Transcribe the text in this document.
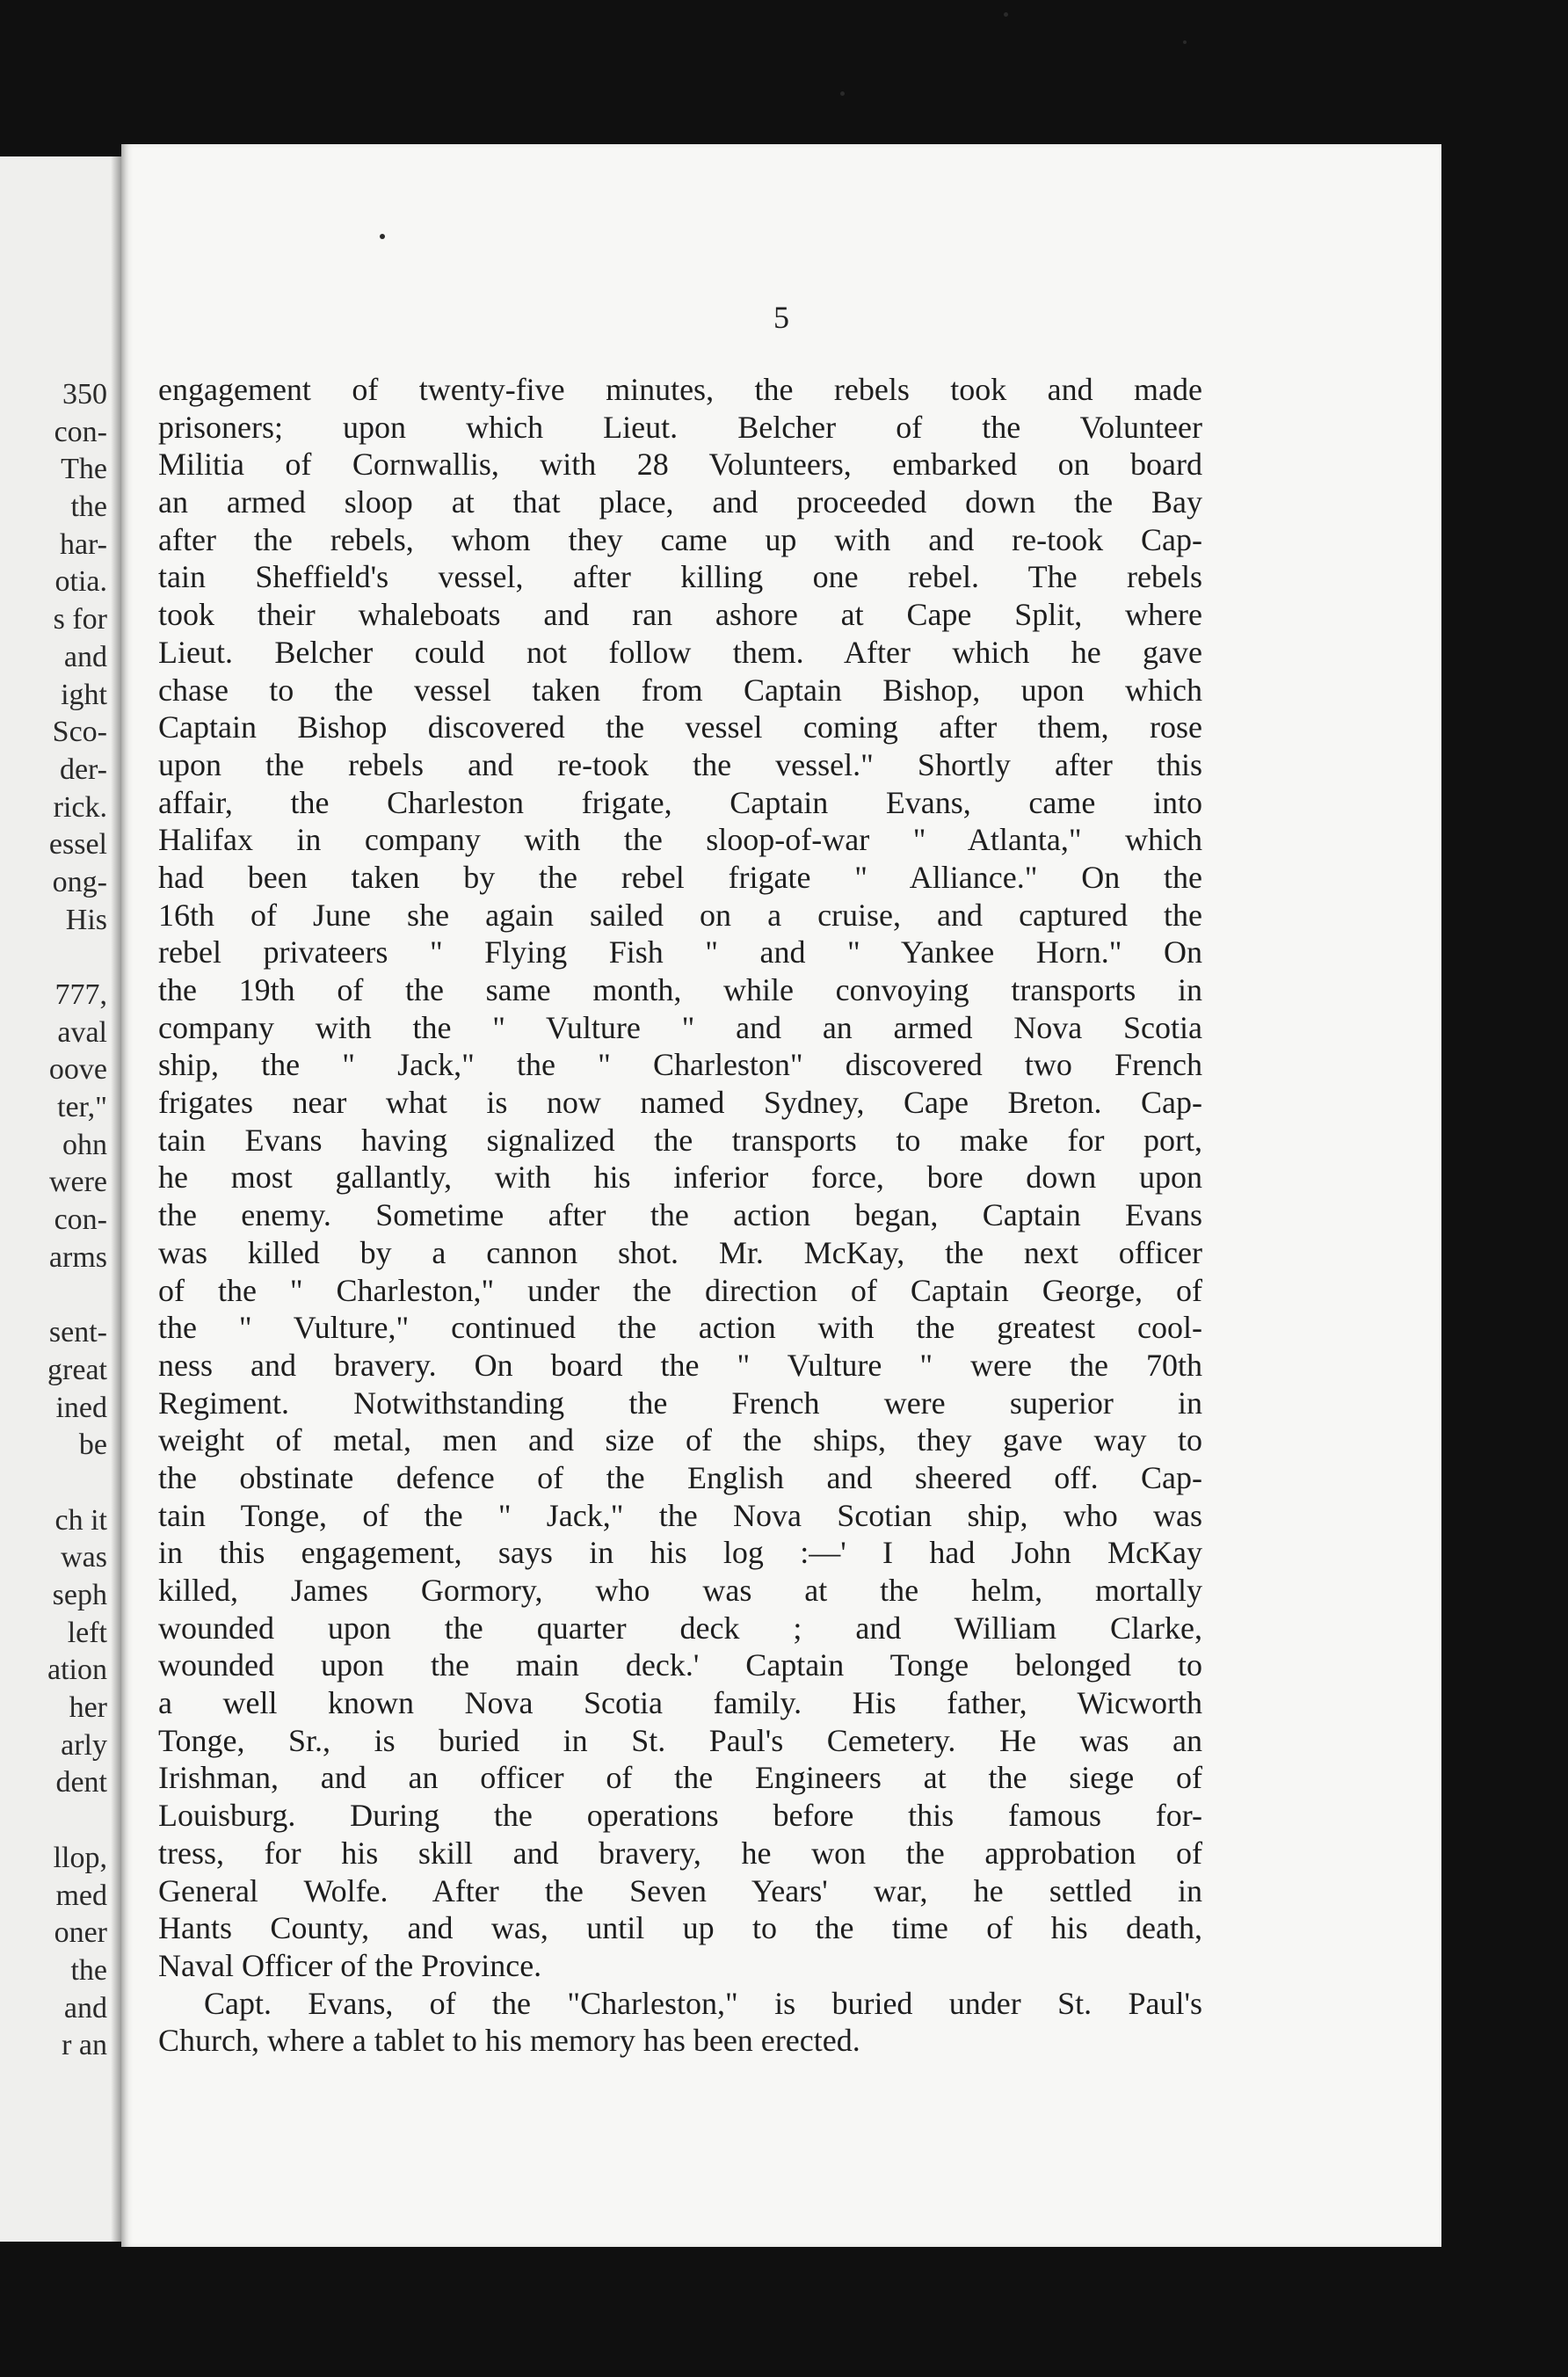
350
con-
The
the
har-
otia.
s for
and
ight
Sco-
der-
rick.
essel
ong-
His
777,
aval
oove
ter,"
ohn
were
con-
arms
sent-
great
ined
be
ch it
was
seph
left
ation
her
arly
dent
llop,
med
oner
the
and
r an
5
engagement of twenty-five minutes, the rebels took and made
prisoners; upon which Lieut. Belcher of the Volunteer
Militia of Cornwallis, with 28 Volunteers, embarked on board
an armed sloop at that place, and proceeded down the Bay
after the rebels, whom they came up with and re-took Cap-
tain Sheffield's vessel, after killing one rebel. The rebels
took their whaleboats and ran ashore at Cape Split, where
Lieut. Belcher could not follow them. After which he gave
chase to the vessel taken from Captain Bishop, upon which
Captain Bishop discovered the vessel coming after them, rose
upon the rebels and re-took the vessel." Shortly after this
affair, the Charleston frigate, Captain Evans, came into
Halifax in company with the sloop-of-war " Atlanta," which
had been taken by the rebel frigate " Alliance." On the
16th of June she again sailed on a cruise, and captured the
rebel privateers " Flying Fish " and " Yankee Horn." On
the 19th of the same month, while convoying transports in
company with the " Vulture " and an armed Nova Scotia
ship, the " Jack," the " Charleston" discovered two French
frigates near what is now named Sydney, Cape Breton. Cap-
tain Evans having signalized the transports to make for port,
he most gallantly, with his inferior force, bore down upon
the enemy. Sometime after the action began, Captain Evans
was killed by a cannon shot. Mr. McKay, the next officer
of the " Charleston," under the direction of Captain George, of
the " Vulture," continued the action with the greatest cool-
ness and bravery. On board the " Vulture " were the 70th
Regiment. Notwithstanding the French were superior in
weight of metal, men and size of the ships, they gave way to
the obstinate defence of the English and sheered off. Cap-
tain Tonge, of the " Jack," the Nova Scotian ship, who was
in this engagement, says in his log :—' I had John McKay
killed, James Gormory, who was at the helm, mortally
wounded upon the quarter deck ; and William Clarke,
wounded upon the main deck.' Captain Tonge belonged to
a well known Nova Scotia family. His father, Wicworth
Tonge, Sr., is buried in St. Paul's Cemetery. He was an
Irishman, and an officer of the Engineers at the siege of
Louisburg. During the operations before this famous for-
tress, for his skill and bravery, he won the approbation of
General Wolfe. After the Seven Years' war, he settled in
Hants County, and was, until up to the time of his death,
Naval Officer of the Province.
Capt. Evans, of the "Charleston," is buried under St. Paul's
Church, where a tablet to his memory has been erected.
